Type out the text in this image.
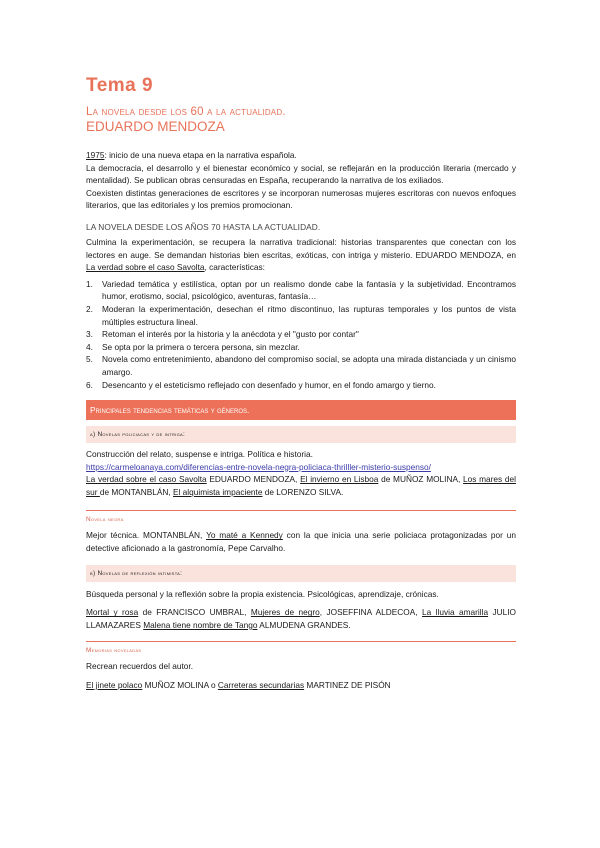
Tema 9
La novela desde los 60 a la actualidad.
EDUARDO MENDOZA

1975: inicio de una nueva etapa en la narrativa española.

La democracia, el desarrollo y el bienestar económico y social, se reflejarán en la producción literaria (mercado y mentalidad). Se publican obras censuradas en España, recuperando la narrativa de los exiliados.

Coexisten distintas generaciones de escritores y se incorporan numerosas mujeres escritoras con nuevos enfoques literarios, que las editoriales y los premios promocionan.

LA NOVELA DESDE LOS AÑOS 70 HASTA LA ACTUALIDAD.

Culmina la experimentación, se recupera la narrativa tradicional: historias transparentes que conectan con los lectores en auge. Se demandan historias bien escritas, exóticas, con intriga y misterio. EDUARDO MENDOZA, en La verdad sobre el caso Savolta, características:

1. Variedad temática y estilística, optan por un realismo donde cabe la fantasía y la subjetividad. Encontramos humor, erotismo, social, psicológico, aventuras, fantasía…
2. Moderan la experimentación, desechan el ritmo discontinuo, las rupturas temporales y los puntos de vista múltiples estructura lineal.
3. Retoman el interés por la historia y la anécdota y el "gusto por contar"
4. Se opta por la primera o tercera persona, sin mezclar.
5. Novela como entretenimiento, abandono del compromiso social, se adopta una mirada distanciada y un cinismo amargo.
6. Desencanto y el esteticismo reflejado con desenfado y humor, en el fondo amargo y tierno.
Principales tendencias temáticas y géneros.
a) Novelas policiacas y de intriga:

Construcción del relato, suspense e intriga. Política e historia.

https://carmeloanaya.com/diferencias-entre-novela-negra-policiaca-thrilller-misterio-suspenso/

La verdad sobre el caso Savolta EDUARDO MENDOZA, El invierno en Lisboa de MUÑOZ MOLINA, Los mares del sur de MONTANBLÁN, El alquimista impaciente de LORENZO SILVA.

Novela negra

Mejor técnica. MONTANBLÁN, Yo maté a Kennedy con la que inicia una serie policiaca protagonizadas por un detective aficionado a la gastronomía, Pepe Carvalho.

b) Novelas de reflexión intimista:

Búsqueda personal y la reflexión sobre la propia existencia. Psicológicas, aprendizaje, crónicas.

Mortal y rosa de FRANCISCO UMBRAL, Mujeres de negro, JOSEFFINA ALDECOA, La lluvia amarilla JULIO LLAMAZARES Malena tiene nombre de Tango ALMUDENA GRANDES.

Memorias noveladas

Recrean recuerdos del autor.

El jinete polaco MUÑOZ MOLINA o Carreteras secundarias MARTINEZ DE PISÓN
